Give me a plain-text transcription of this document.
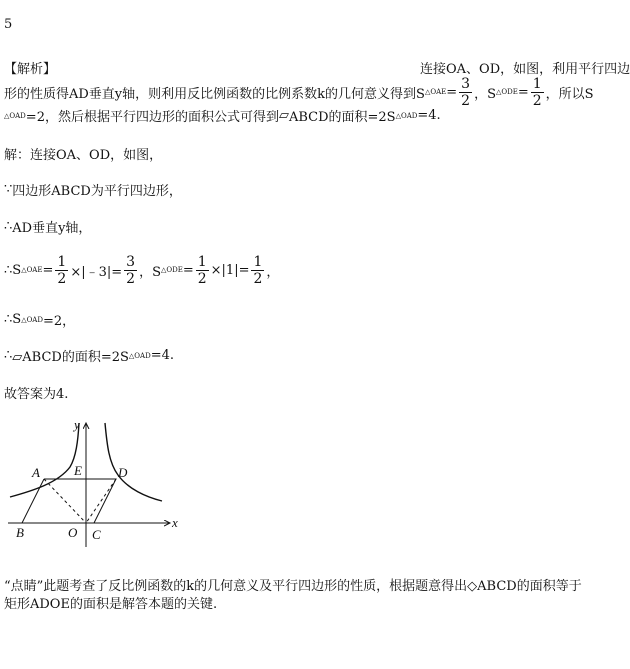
5
【解析】	连接OA、OD，如图，利用平行四边
形的性质得AD垂直y轴，则利用反比例函数的比例系数k的几何意义得到S △OAE = $\frac{3}{2}$ ，S △ODE = $\frac{1}{2}$ ，所以S
△OAD =2，然后根据平行四边形的面积公式可得到 ▱ ABCD的面积=2S △OAD =4.
解：连接OA、OD，如图，
∵ 四边形ABCD为平行四边形，
∴ AD垂直y轴，
∴ S △OAE = $\frac{1}{2}$ ×|﹣3|= $\frac{3}{2}$ ，S △ODE = $\frac{1}{2} \times|1|= \frac{1}{2}$ ，
∴ S △OAD =2，
∴ ▱ABCD的面积=2S △OAD =4.
故答案为4.
y
x
A	E	D
B	O C
“点睛”此题考查了反比例函数的k的几何意义及平行四边形的性质，根据题意得出◇ABCD的面积等于
矩形ADOE的面积是解答本题的关键.
